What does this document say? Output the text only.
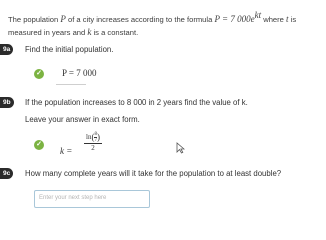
The population P of a city increases according to the formula P = 7 $000e^{kt}$ where t is
measured in years and k is a constant.
9a	Find the initial population.
✓ P = 7 000
9b	If the population increases to 8 000 in 2 years find the value of k.
Leave your answer in exact form.
✓
$k = \frac{\ln( \frac{8}{7} )}{2}$
9c	How many complete years will it take for the population to at least double?
Enter your next step here
